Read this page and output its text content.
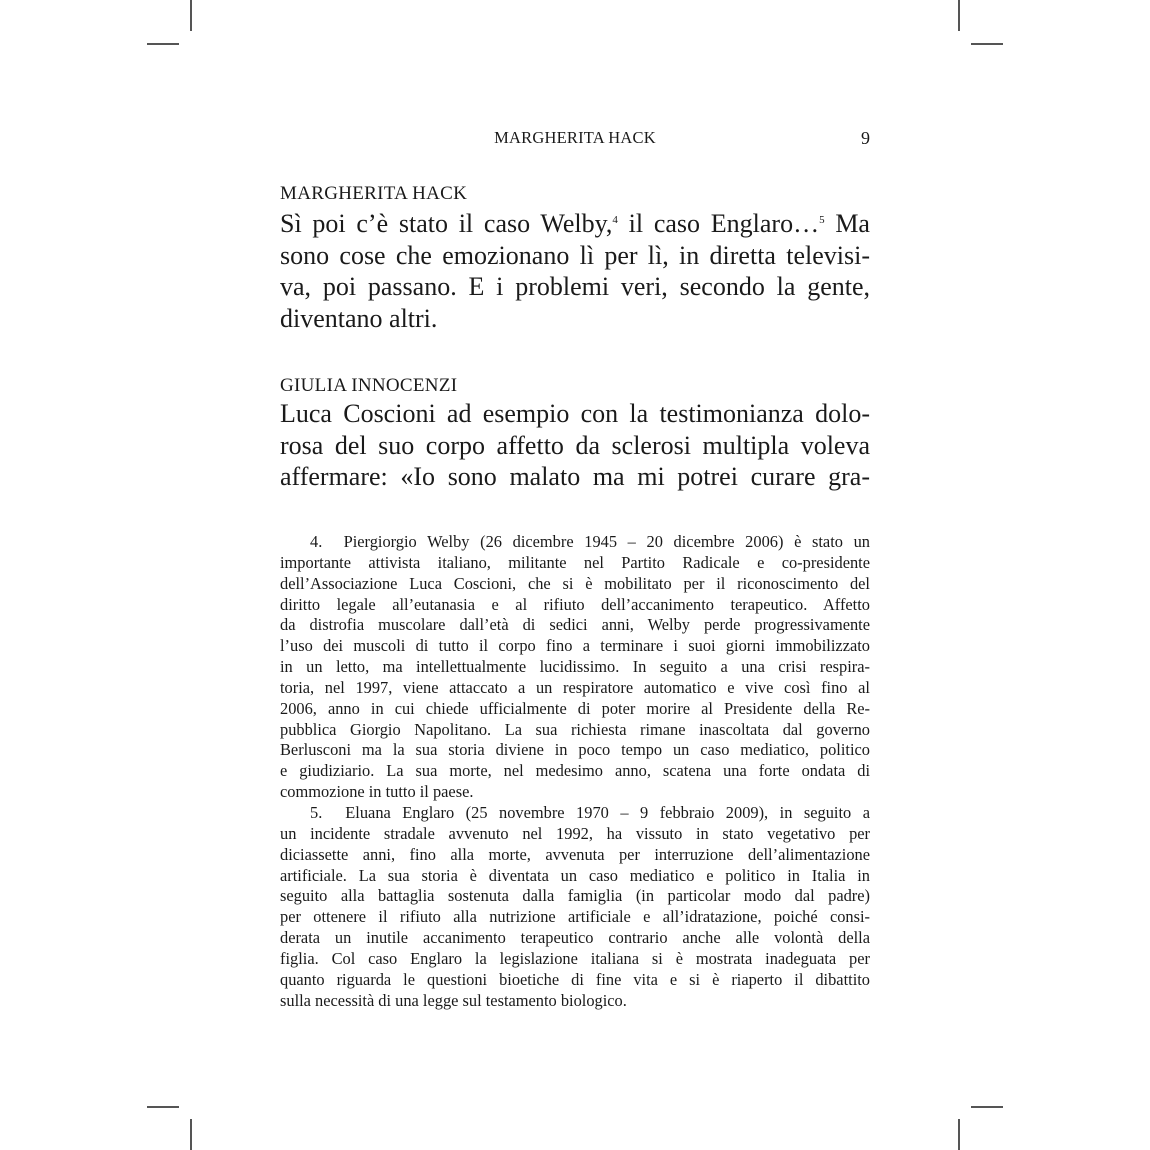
MARGHERITA HACK	9
MARGHERITA HACK
Sì poi c’è stato il caso Welby,$^4$ il caso Englaro…$^5$ Ma
sono cose che emozionano lì per lì, in diretta televisi-
va, poi passano. E i problemi veri, secondo la gente,
diventano altri.
GIULIA INNOCENZI
Luca Coscioni ad esempio con la testimonianza dolo-
rosa del suo corpo affetto da sclerosi multipla voleva
affermare: «Io sono malato ma mi potrei curare gra-
4. Piergiorgio Welby (26 dicembre 1945 – 20 dicembre 2006) è stato un
importante attivista italiano, militante nel Partito Radicale e co-presidente
dell’Associazione Luca Coscioni, che si è mobilitato per il riconoscimento del
diritto legale all’eutanasia e al rifiuto dell’accanimento terapeutico. Affetto
da distrofia muscolare dall’età di sedici anni, Welby perde progressivamente
l’uso dei muscoli di tutto il corpo fino a terminare i suoi giorni immobilizzato
in un letto, ma intellettualmente lucidissimo. In seguito a una crisi respira-
toria, nel 1997, viene attaccato a un respiratore automatico e vive così fino al
2006, anno in cui chiede ufficialmente di poter morire al Presidente della Re-
pubblica Giorgio Napolitano. La sua richiesta rimane inascoltata dal governo
Berlusconi ma la sua storia diviene in poco tempo un caso mediatico, politico
e giudiziario. La sua morte, nel medesimo anno, scatena una forte ondata di
commozione in tutto il paese.
5. Eluana Englaro (25 novembre 1970 – 9 febbraio 2009), in seguito a
un incidente stradale avvenuto nel 1992, ha vissuto in stato vegetativo per
diciassette anni, fino alla morte, avvenuta per interruzione dell’alimentazione
artificiale. La sua storia è diventata un caso mediatico e politico in Italia in
seguito alla battaglia sostenuta dalla famiglia (in particolar modo dal padre)
per ottenere il rifiuto alla nutrizione artificiale e all’idratazione, poiché consi-
derata un inutile accanimento terapeutico contrario anche alle volontà della
figlia. Col caso Englaro la legislazione italiana si è mostrata inadeguata per
quanto riguarda le questioni bioetiche di fine vita e si è riaperto il dibattito
sulla necessità di una legge sul testamento biologico.
